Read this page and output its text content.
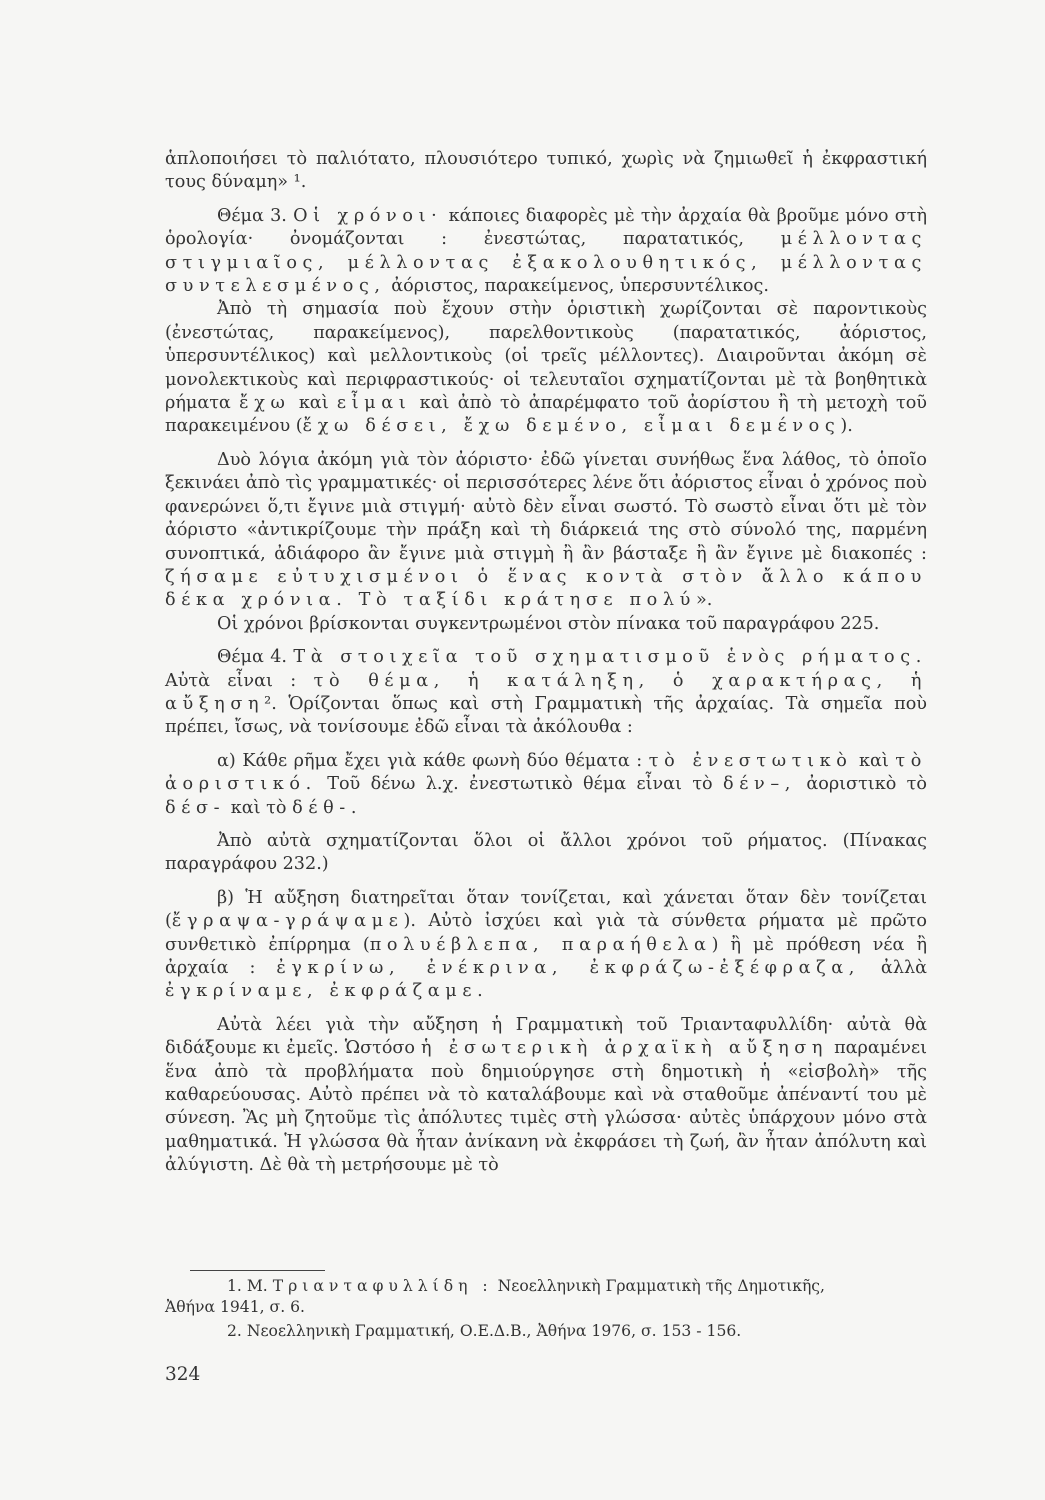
ἁπλοποιήσει τὸ παλιότατο, πλουσιότερο τυπικό, χωρὶς νὰ ζημιωθεῖ ἡ ἐκφραστική τους δύναμη» ¹.

Θέμα 3. Οἱ χρόνοι· κάποιες διαφορὲς μὲ τὴν ἀρχαία θὰ βροῦμε μόνο στὴ ὁρολογία· ὀνομάζονται : ἐνεστώτας, παρατατικός, μέλλοντας στιγμιαῖος, μέλλοντας ἐξακολουθητικός, μέλλοντας συντελεσμένος, ἀόριστος, παρακείμενος, ὑπερσυντέλικος.

Ἀπὸ τὴ σημασία ποὺ ἔχουν στὴν ὁριστικὴ χωρίζονται σὲ παροντικοὺς (ἐνεστώτας, παρακείμενος), παρελθοντικοὺς (παρατατικός, ἀόριστος, ὑπερσυντέλικος) καὶ μελλοντικοὺς (οἱ τρεῖς μέλλοντες). Διαιροῦνται ἀκόμη σὲ μονολεκτικοὺς καὶ περιφραστικούς· οἱ τελευταῖοι σχηματίζονται μὲ τὰ βοηθητικὰ ρήματα ἔχω καὶ εἶμαι καὶ ἀπὸ τὸ ἀπαρέμφατο τοῦ ἀορίστου ἢ τὴ μετοχὴ τοῦ παρακειμένου (ἔχω δέσει, ἔχω δεμένο, εἶμαι δεμένος).

Δυὸ λόγια ἀκόμη γιὰ τὸν ἀόριστο· ἐδῶ γίνεται συνήθως ἕνα λάθος, τὸ ὁποῖο ξεκινάει ἀπὸ τὶς γραμματικές· οἱ περισσότερες λένε ὅτι ἀόριστος εἶναι ὁ χρόνος ποὺ φανερώνει ὅ,τι ἔγινε μιὰ στιγμή· αὐτὸ δὲν εἶναι σωστό. Τὸ σωστὸ εἶναι ὅτι μὲ τὸν ἀόριστο «ἀντικρίζουμε τὴν πράξη καὶ τὴ διάρκειά της στὸ σύνολό της, παρμένη συνοπτικά, ἀδιάφορο ἂν ἔγινε μιὰ στιγμὴ ἢ ἂν βάσταξε ἢ ἂν ἔγινε μὲ διακοπές : ζήσαμε εὐτυχισμένοι ὁ ἕνας κοντὰ στὸν ἄλλο κάπου δέκα χρόνια. Τὸ ταξίδι κράτησε πολύ».

Οἱ χρόνοι βρίσκονται συγκεντρωμένοι στὸν πίνακα τοῦ παραγράφου 225.

Θέμα 4. Τὰ στοιχεῖα τοῦ σχηματισμοῦ ἑνὸς ρήματος. Αὐτὰ εἶναι : τὸ θέμα, ἡ κατάληξη, ὁ χαρακτήρας, ἡ αὔξηση². Ὁρίζονται ὅπως καὶ στὴ Γραμματικὴ τῆς ἀρχαίας. Τὰ σημεῖα ποὺ πρέπει, ἴσως, νὰ τονίσουμε ἐδῶ εἶναι τὰ ἀκόλουθα :

α) Κάθε ρῆμα ἔχει γιὰ κάθε φωνὴ δύο θέματα : τὸ ἐνεστωτικὸ καὶ τὸ ἀοριστικό. Τοῦ δένω λ.χ. ἐνεστωτικὸ θέμα εἶναι τὸ δέν–, ἀοριστικὸ τὸ δέσ- καὶ τὸ δέθ-.

Ἀπὸ αὐτὰ σχηματίζονται ὅλοι οἱ ἄλλοι χρόνοι τοῦ ρήματος. (Πίνακας παραγράφου 232.)

β) Ἡ αὔξηση διατηρεῖται ὅταν τονίζεται, καὶ χάνεται ὅταν δὲν τονίζεται (ἔγραψα-γράψαμε). Αὐτὸ ἰσχύει καὶ γιὰ τὰ σύνθετα ρήματα μὲ πρῶτο συνθετικὸ ἐπίρρημα (πολυέβλεπα, παραήθελα) ἢ μὲ πρόθεση νέα ἢ ἀρχαία : ἐγκρίνω, ἐνέκρινα, ἐκφράζω-ἐξέφραζα, ἀλλὰ ἐγκρίναμε, ἐκφράζαμε.

Αὐτὰ λέει γιὰ τὴν αὔξηση ἡ Γραμματικὴ τοῦ Τριανταφυλλίδη· αὐτὰ θὰ διδάξουμε κι ἐμεῖς. Ὡστόσο ἡ ἐσωτερικὴ ἀρχαϊκὴ αὔξηση παραμένει ἕνα ἀπὸ τὰ προβλήματα ποὺ δημιούργησε στὴ δημοτικὴ ἡ «εἰσβολὴ» τῆς καθαρεύουσας. Αὐτὸ πρέπει νὰ τὸ καταλάβουμε καὶ νὰ σταθοῦμε ἀπέναντί του μὲ σύνεση. Ἂς μὴ ζητοῦμε τὶς ἀπόλυτες τιμὲς στὴ γλώσσα· αὐτὲς ὑπάρχουν μόνο στὰ μαθηματικά. Ἡ γλώσσα θὰ ἦταν ἀνίκανη νὰ ἐκφράσει τὴ ζωή, ἂν ἦταν ἀπόλυτη καὶ ἀλύγιστη. Δὲ θὰ τὴ μετρήσουμε μὲ τὸ

1. Μ. Τριανταφυλλίδη : Νεοελληνικὴ Γραμματικὴ τῆς Δημοτικῆς,

Ἀθήνα 1941, σ. 6.

2. Νεοελληνικὴ Γραμματική, Ο.Ε.Δ.Β., Ἀθήνα 1976, σ. 153 - 156.

324
